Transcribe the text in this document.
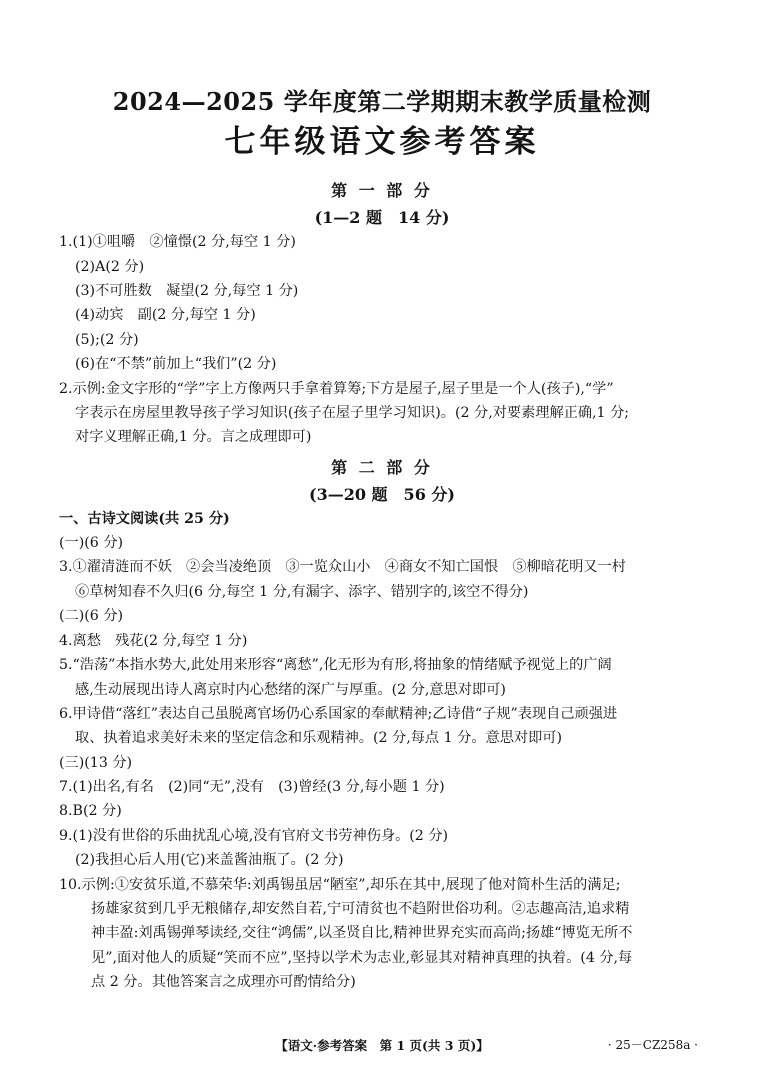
2024—2025 学年度第二学期期末教学质量检测
七年级语文参考答案
第 一 部 分
(1—2 题　14 分)
1.(1)①咀嚼　②憧憬(2 分,每空 1 分)
(2)A(2 分)
(3)不可胜数　凝望(2 分,每空 1 分)
(4)动宾　副(2 分,每空 1 分)
(5);(2 分)
(6)在“不禁”前加上“我们”(2 分)
2.示例:金文字形的“学”字上方像两只手拿着算筹;下方是屋子,屋子里是一个人(孩子),“学”
字表示在房屋里教导孩子学习知识(孩子在屋子里学习知识)。(2 分,对要素理解正确,1 分;
对字义理解正确,1 分。言之成理即可)
第 二 部 分
(3—20 题　56 分)
一、古诗文阅读(共 25 分)
(一)(6 分)
3.①濯清涟而不妖　②会当凌绝顶　③一览众山小　④商女不知亡国恨　⑤柳暗花明又一村
⑥草树知春不久归(6 分,每空 1 分,有漏字、添字、错别字的,该空不得分)
(二)(6 分)
4.离愁　残花(2 分,每空 1 分)
5.“浩荡”本指水势大,此处用来形容“离愁”,化无形为有形,将抽象的情绪赋予视觉上的广阔
感,生动展现出诗人离京时内心愁绪的深广与厚重。(2 分,意思对即可)
6.甲诗借“落红”表达自己虽脱离官场仍心系国家的奉献精神;乙诗借“子规”表现自己顽强进
取、执着追求美好未来的坚定信念和乐观精神。(2 分,每点 1 分。意思对即可)
(三)(13 分)
7.(1)出名,有名　(2)同“无”,没有　(3)曾经(3 分,每小题 1 分)
8.B(2 分)
9.(1)没有世俗的乐曲扰乱心境,没有官府文书劳神伤身。(2 分)
(2)我担心后人用(它)来盖酱油瓶了。(2 分)
10.示例:①安贫乐道,不慕荣华:刘禹锡虽居“陋室”,却乐在其中,展现了他对简朴生活的满足;
扬雄家贫到几乎无粮储存,却安然自若,宁可清贫也不趋附世俗功利。②志趣高洁,追求精
神丰盈:刘禹锡弹琴读经,交往“鸿儒”,以圣贤自比,精神世界充实而高尚;扬雄“博览无所不
见”,面对他人的质疑“笑而不应”,坚持以学术为志业,彰显其对精神真理的执着。(4 分,每
点 2 分。其他答案言之成理亦可酌情给分)
【语文·参考答案　第 1 页(共 3 页)】	· 25－CZ258a ·
